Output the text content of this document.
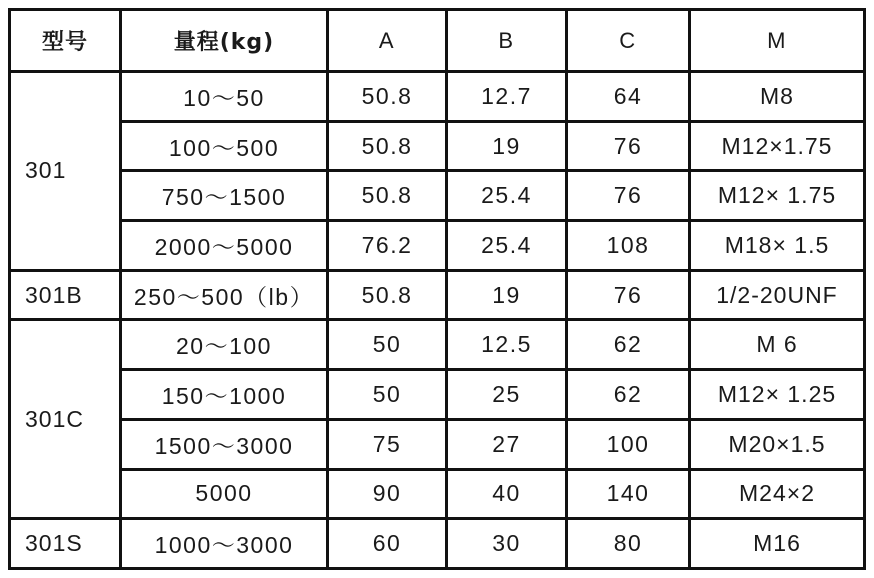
型号	量程(kg)	A	B	C	M
301	10～50	50.8	12.7	64	M8
	100～500	50.8	19	76	M12×1.75
	750～1500	50.8	25.4	76	M12× 1.75
	2000～5000	76.2	25.4	108	M18× 1.5
301B	250～500（lb）	50.8	19	76	1/2-20UNF
301C	20～100	50	12.5	62	M 6
	150～1000	50	25	62	M12× 1.25
	1500～3000	75	27	100	M20×1.5
	5000	90	40	140	M24×2
301S	1000～3000	60	30	80	M16
